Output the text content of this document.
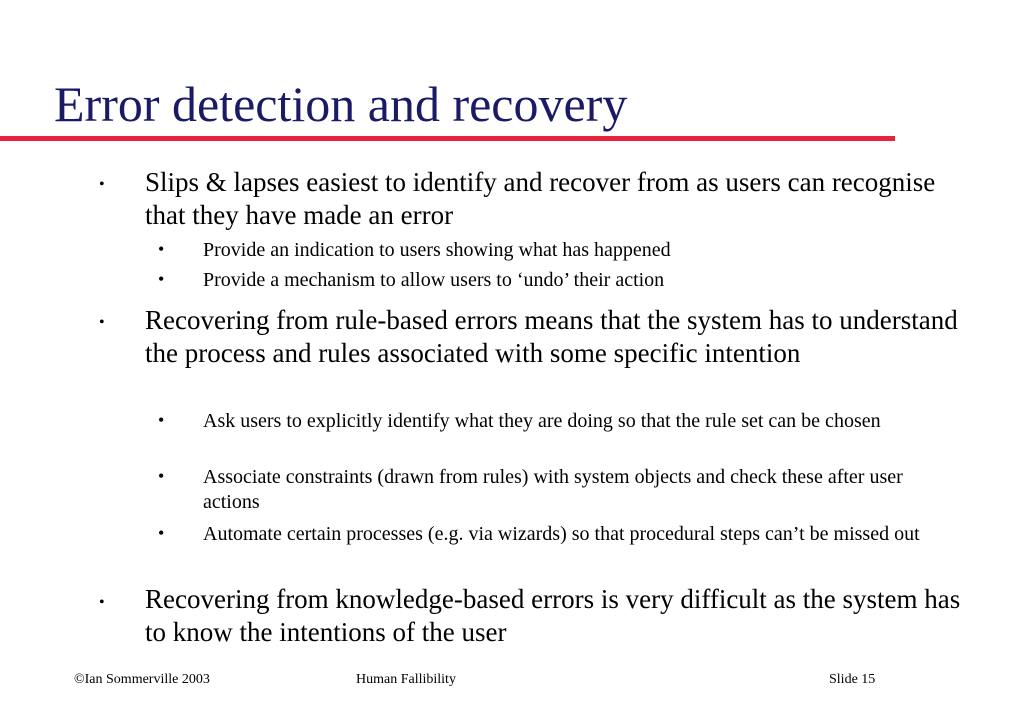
Error detection and recovery
• Slips & lapses easiest to identify and recover from as users can recognise that they have made an error
• Provide an indication to users showing what has happened
• Provide a mechanism to allow users to ‘undo’ their action
• Recovering from rule-based errors means that the system has to understand the process and rules associated with some specific intention
• Ask users to explicitly identify what they are doing so that the rule set can be chosen
• Associate constraints (drawn from rules) with system objects and check these after user actions
• Automate certain processes (e.g. via wizards) so that procedural steps can’t be missed out
• Recovering from knowledge-based errors is very difficult as the system has to know the intentions of the user
©Ian Sommerville 2003	Human Fallibility	Slide 15
